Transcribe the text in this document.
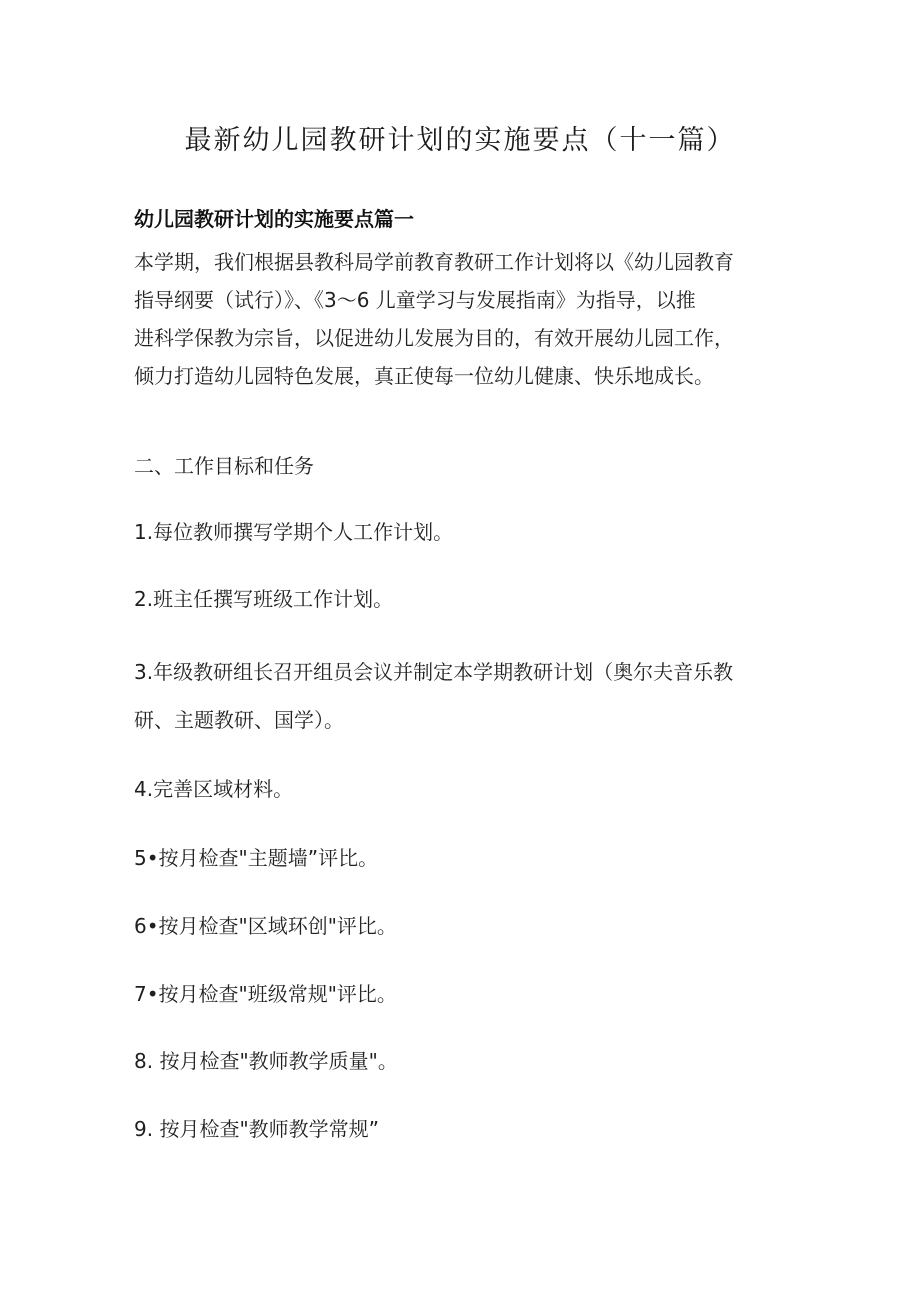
最新幼儿园教研计划的实施要点（十一篇）
幼儿园教研计划的实施要点篇一
本学期，我们根据县教科局学前教育教研工作计划将以《幼儿园教育
指导纲要（试行）》、《3～6 儿童学习与发展指南》为指导，以推
进科学保教为宗旨，以促进幼儿发展为目的，有效开展幼儿园工作，
倾力打造幼儿园特色发展，真正使每一位幼儿健康、快乐地成长。
二、工作目标和任务
1.每位教师撰写学期个人工作计划。
2.班主任撰写班级工作计划。
3.年级教研组长召开组员会议并制定本学期教研计划（奥尔夫音乐教
研、主题教研、国学）。
4.完善区域材料。
5•按月检查"主题墙”评比。
6•按月检查"区域环创"评比。
7•按月检查"班级常规"评比。
8. 按月检查"教师教学质量"。
9. 按月检查"教师教学常规”
